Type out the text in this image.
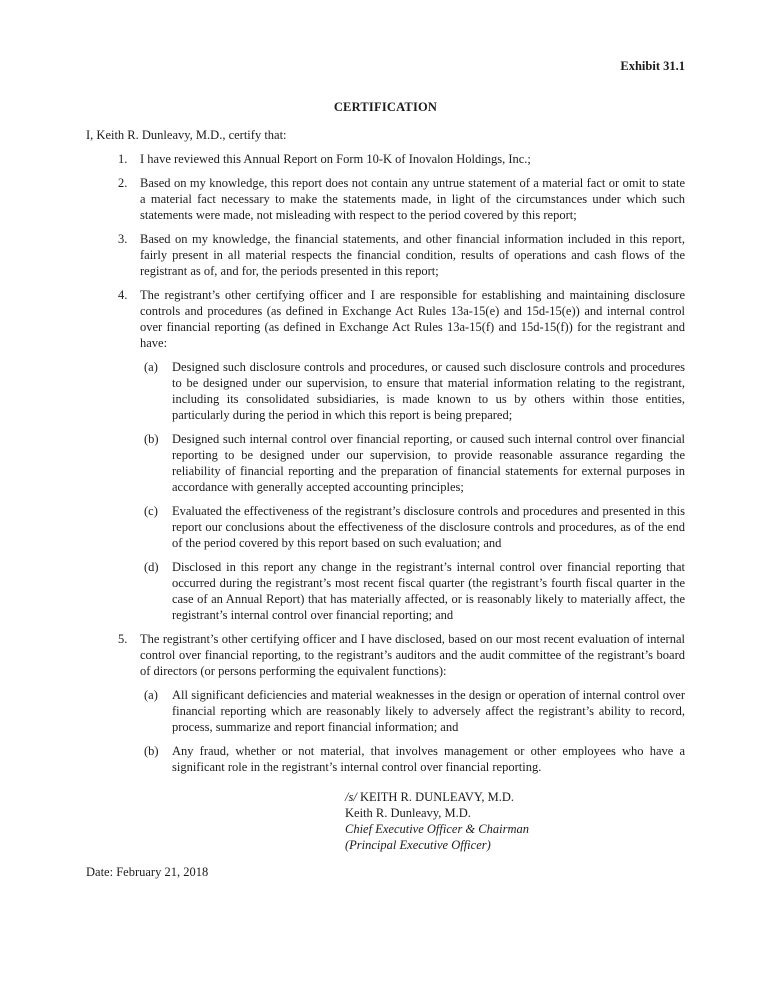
Exhibit 31.1
CERTIFICATION

I, Keith R. Dunleavy, M.D., certify that:

1. I have reviewed this Annual Report on Form 10-K of Inovalon Holdings, Inc.;
2. Based on my knowledge, this report does not contain any untrue statement of a material fact or omit to state a material fact necessary to make the statements made, in light of the circumstances under which such statements were made, not misleading with respect to the period covered by this report;
3. Based on my knowledge, the financial statements, and other financial information included in this report, fairly present in all material respects the financial condition, results of operations and cash flows of the registrant as of, and for, the periods presented in this report;
4. The registrant’s other certifying officer and I are responsible for establishing and maintaining disclosure controls and procedures (as defined in Exchange Act Rules 13a-15(e) and 15d-15(e)) and internal control over financial reporting (as defined in Exchange Act Rules 13a-15(f) and 15d-15(f)) for the registrant and have:
(a) Designed such disclosure controls and procedures, or caused such disclosure controls and procedures to be designed under our supervision, to ensure that material information relating to the registrant, including its consolidated subsidiaries, is made known to us by others within those entities, particularly during the period in which this report is being prepared;
(b) Designed such internal control over financial reporting, or caused such internal control over financial reporting to be designed under our supervision, to provide reasonable assurance regarding the reliability of financial reporting and the preparation of financial statements for external purposes in accordance with generally accepted accounting principles;
(c) Evaluated the effectiveness of the registrant’s disclosure controls and procedures and presented in this report our conclusions about the effectiveness of the disclosure controls and procedures, as of the end of the period covered by this report based on such evaluation; and
(d) Disclosed in this report any change in the registrant’s internal control over financial reporting that occurred during the registrant’s most recent fiscal quarter (the registrant’s fourth fiscal quarter in the case of an Annual Report) that has materially affected, or is reasonably likely to materially affect, the registrant’s internal control over financial reporting; and
5. The registrant’s other certifying officer and I have disclosed, based on our most recent evaluation of internal control over financial reporting, to the registrant’s auditors and the audit committee of the registrant’s board of directors (or persons performing the equivalent functions):
(a) All significant deficiencies and material weaknesses in the design or operation of internal control over financial reporting which are reasonably likely to adversely affect the registrant’s ability to record, process, summarize and report financial information; and
(b) Any fraud, whether or not material, that involves management or other employees who have a significant role in the registrant’s internal control over financial reporting.
/s/ KEITH R. DUNLEAVY, M.D.
Keith R. Dunleavy, M.D.
Chief Executive Officer & Chairman
(Principal Executive Officer)
Date: February 21, 2018
